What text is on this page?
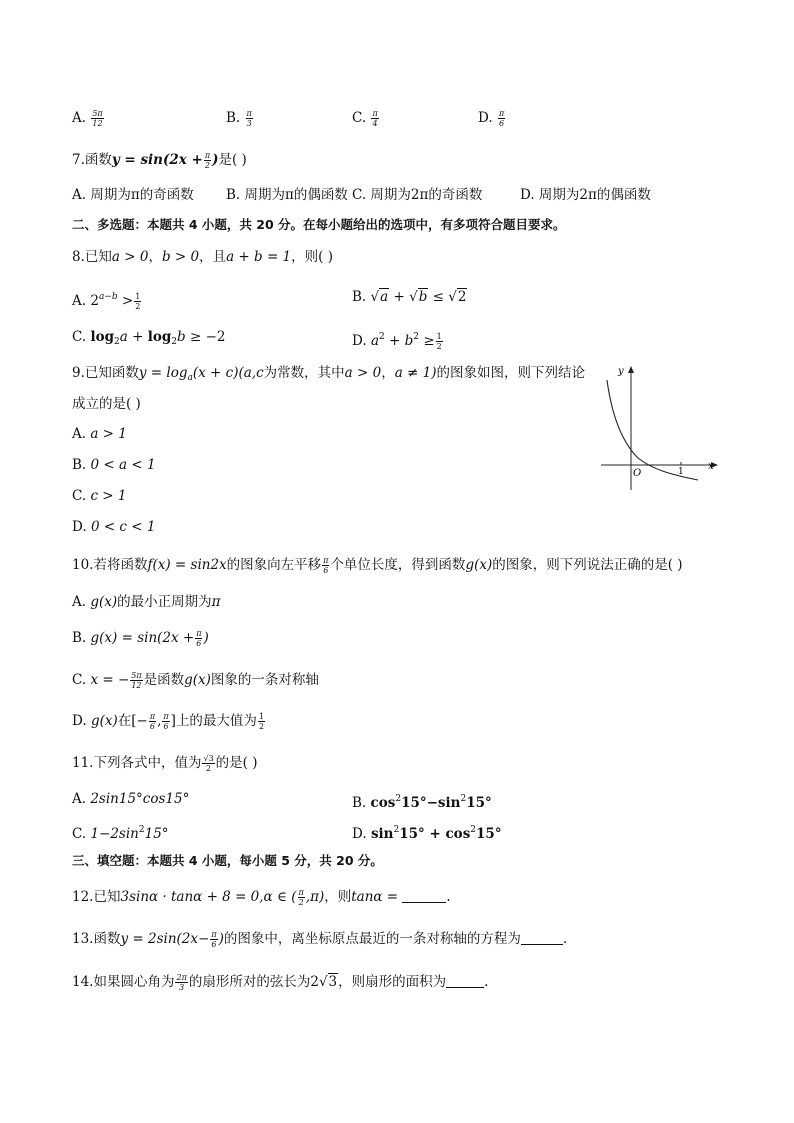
A. $\frac{5\pi}{12}$	B. $\frac{\pi}{3}$	C. $\frac{\pi}{4}$	D. $\frac{\pi}{6}$
7.函数$y = \sin(2x + \frac{\pi}{2}$ )是( )
A. 周期为π的奇函数 B. 周期为π的偶函数 C. 周期为2π的奇函数	D. 周期为2π的偶函数
二、多选题：本题共 4 小题，共 20 分。在每小题给出的选项中，有多项符合题目要求。
8.已知a > 0，b > 0，且a + b = 1，则( )
A. $2^{a-b} > \frac{1}{2}$	B. √a + √b ≤ √2
C. $\log_2a + \log_2b \ge -2$	D. $a^2 + b^2 \ge \frac{1}{2}$
9.已知函数$y = \log_a(x + c)(a,c$为常数，其中a > 0，a ≠ 1)的图象如图，则下列结论
成立的是( )
A. a > 1
B. 0 < a < 1
C. c > 1
D. 0 < c < 1
y
x
O	1
10.若将函数f(x) = sin2x的图象向左平移 $\frac{\pi}{6}$ 个单位长度，得到函数g(x)的图象，则下列说法正确的是( )
A. g(x)的最小正周期为π
B. $g(x) = \sin(2x + \frac{\pi}{6}$ )
C. x = − $\frac{5\pi}{12}$ 是函数g(x)图象的一条对称轴
D. g(x)在[− $\frac{\pi}{6}$ , $\frac{\pi}{6}$ ]上的最大值为 $\frac{1}{2}$
11.下列各式中，值为 $\frac{√3}{2}$ 的是( )
A. 2sin15°cos15°	B. $\cos^215^\circ-\sin^215^\circ$
C. $1-2\sin^215^\circ$	D. $\sin^215^\circ + \cos^215^\circ$
三、填空题：本题共 4 小题，每小题 5 分，共 20 分。
12.已知3sinα · tanα + 8 = 0,α ∈ ( $\frac{\pi}{2} ,\pi$)，则tanα =	.
13.函数$y = 2\sin(2x- \frac{\pi}{6}$ )的图象中，离坐标原点最近的一条对称轴的方程为	.
14.如果圆心角为 $\frac{2\pi}{3}$ 的扇形所对的弦长为2√3，则扇形的面积为	.
